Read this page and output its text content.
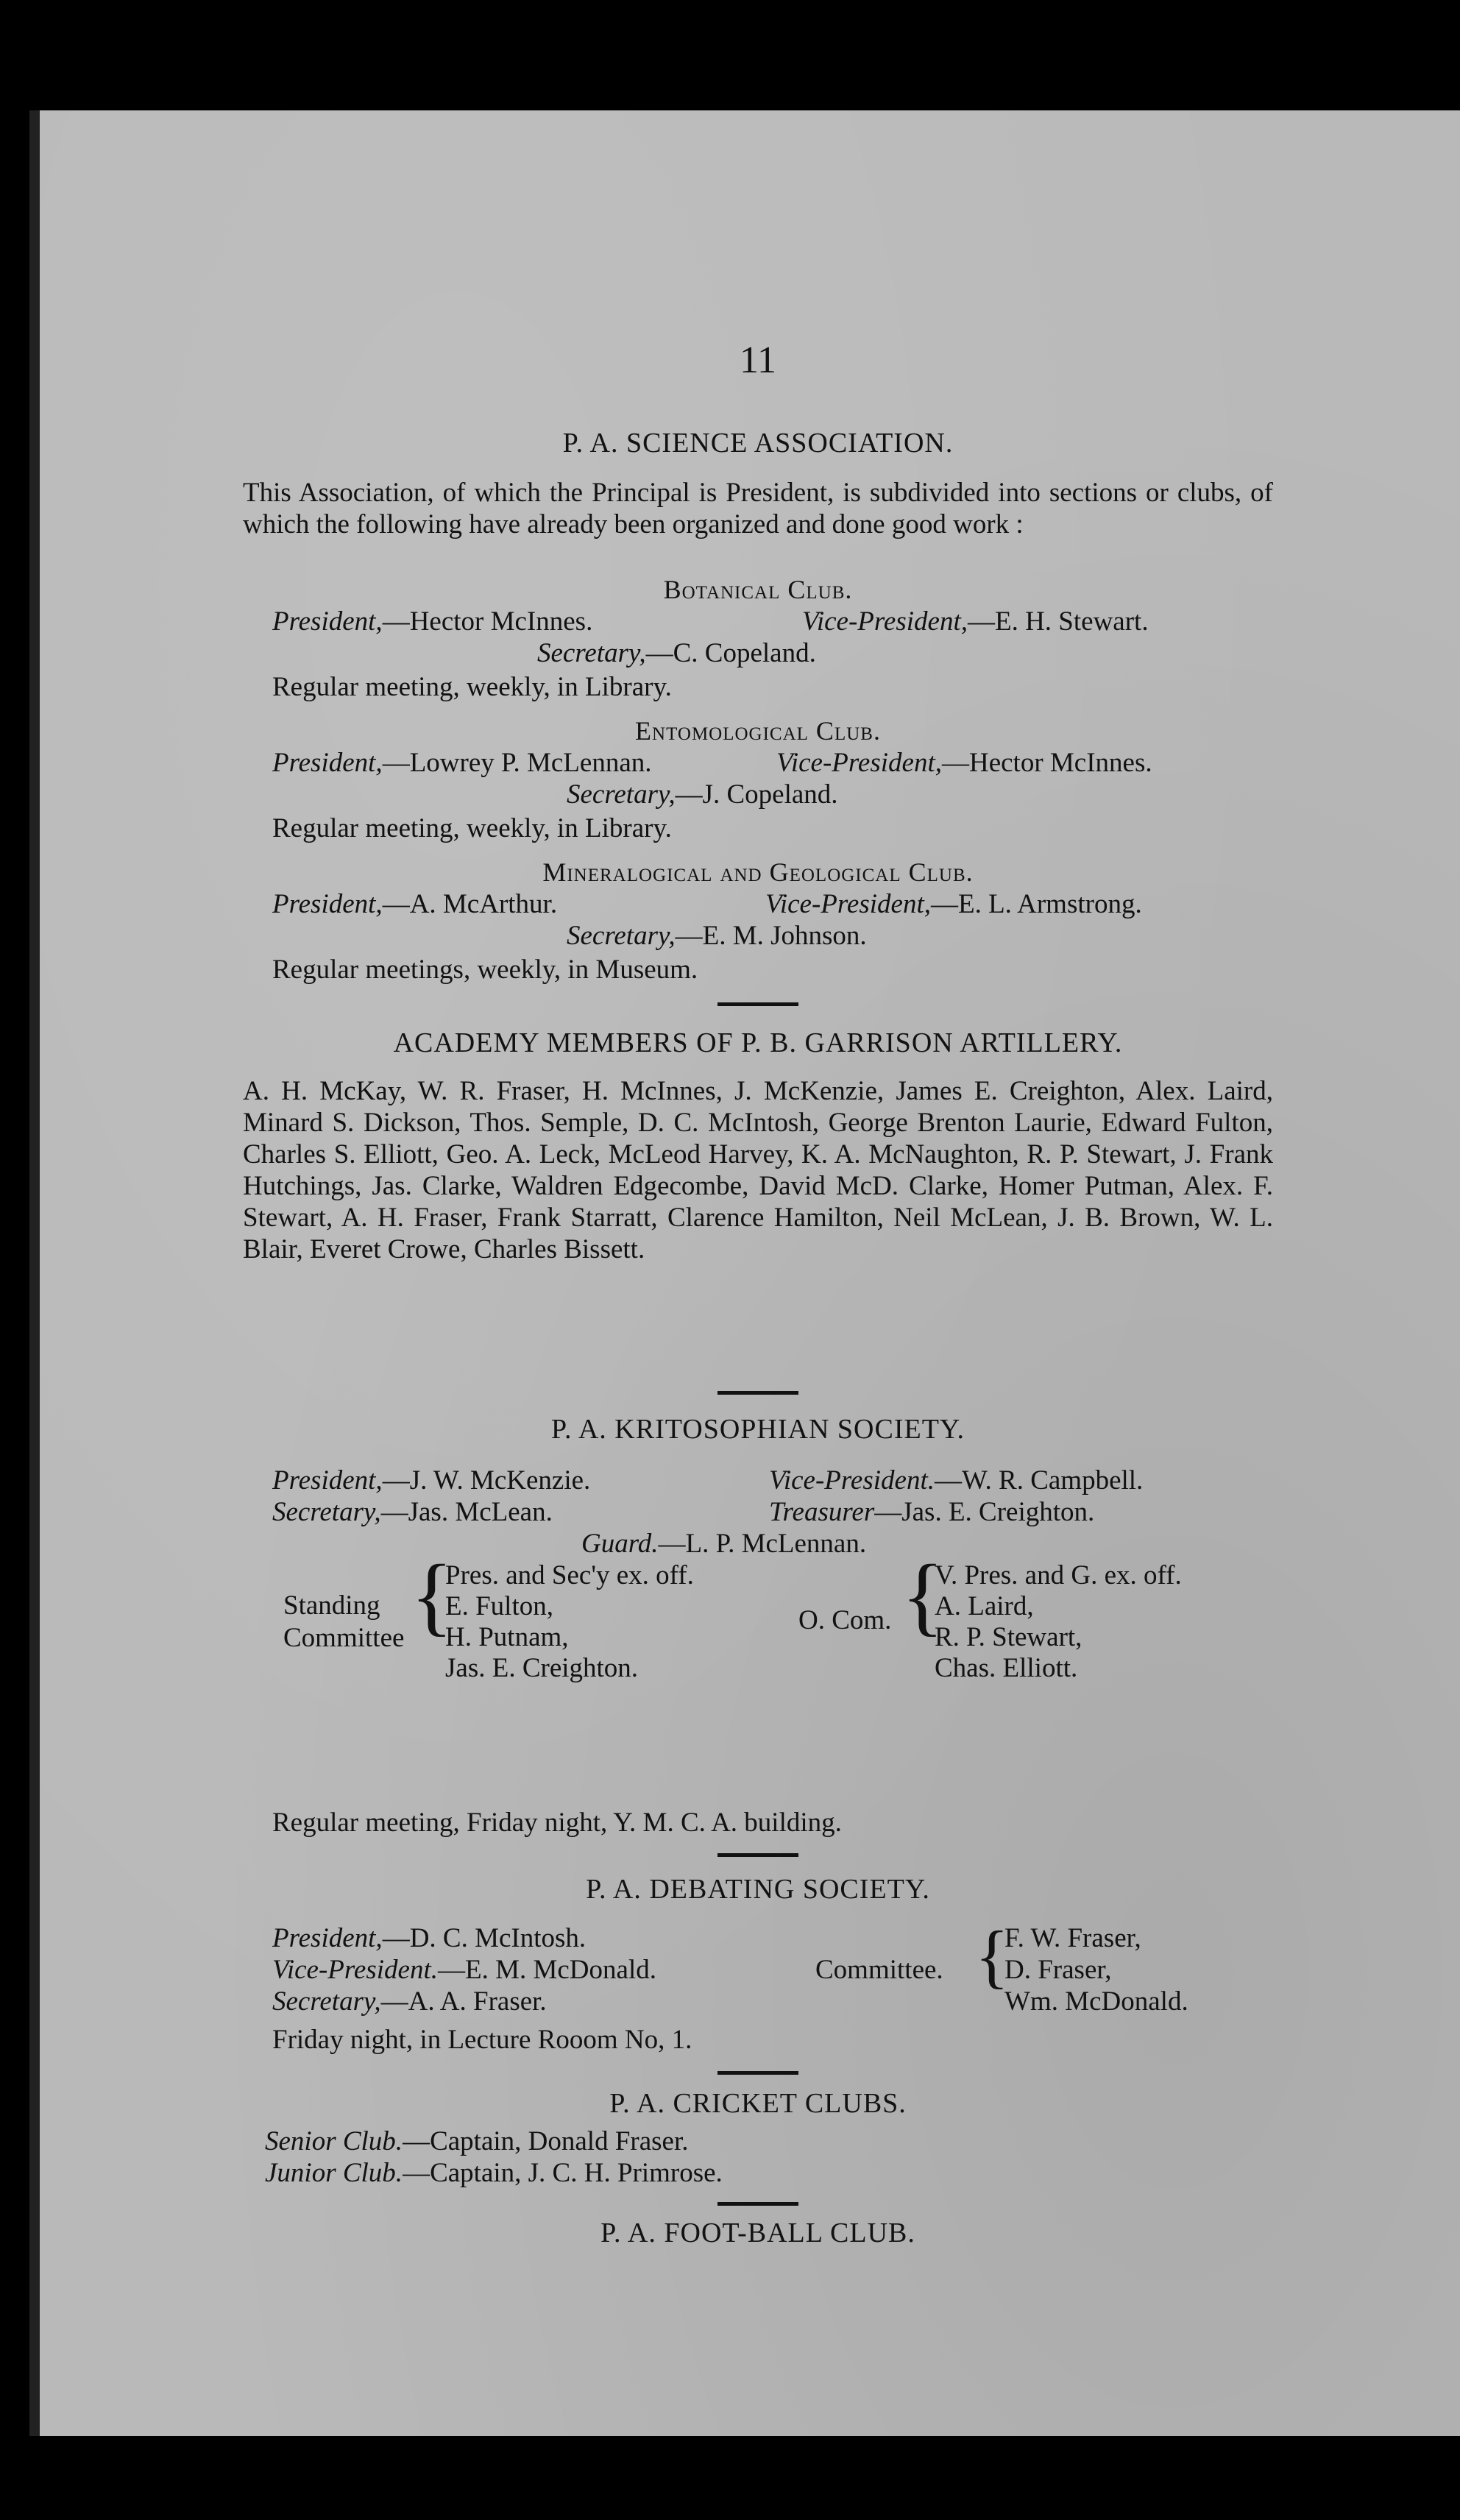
11
P. A. SCIENCE ASSOCIATION.
This Association, of which the Principal is President, is subdivided into sections or clubs, of which the following have already been organized and done good work :
Botanical Club.
President,—Hector McInnes.	Vice-President,—E. H. Stewart.
Secretary,—C. Copeland.
Regular meeting, weekly, in Library.
Entomological Club.
President,—Lowrey P. McLennan.	Vice-President,—Hector McInnes.
Secretary,—J. Copeland.
Regular meeting, weekly, in Library.
Mineralogical and Geological Club.
President,—A. McArthur.	Vice-President,—E. L. Armstrong.
Secretary,—E. M. Johnson.
Regular meetings, weekly, in Museum.
ACADEMY MEMBERS OF P. B. GARRISON ARTILLERY.
A. H. McKay, W. R. Fraser, H. McInnes, J. McKenzie, James E. Creighton, Alex. Laird, Minard S. Dickson, Thos. Semple, D. C. McIntosh, George Brenton Laurie, Edward Fulton, Charles S. Elliott, Geo. A. Leck, McLeod Harvey, K. A. McNaughton, R. P. Stewart, J. Frank Hutchings, Jas. Clarke, Waldren Edgecombe, David McD. Clarke, Homer Putman, Alex. F. Stewart, A. H. Fraser, Frank Starratt, Clarence Hamilton, Neil McLean, J. B. Brown, W. L. Blair, Everet Crowe, Charles Bissett.
P. A. KRITOSOPHIAN SOCIETY.
President,—J. W. McKenzie.	Vice-President.—W. R. Campbell.
Secretary,—Jas. McLean.	Treasurer—Jas. E. Creighton.
Guard.—L. P. McLennan.
Standing
Committee {
Pres. and Sec'y ex. off.
E. Fulton,
H. Putnam,
Jas. E. Creighton.
O. Com. {
V. Pres. and G. ex. off.
A. Laird,
R. P. Stewart,
Chas. Elliott.
Regular meeting, Friday night, Y. M. C. A. building.
P. A. DEBATING SOCIETY.
President,—D. C. McIntosh.
Vice-President.—E. M. McDonald.
Secretary,—A. A. Fraser.
Committee. {
F. W. Fraser,
D. Fraser,
Wm. McDonald.
Friday night, in Lecture Rooom No, 1.
P. A. CRICKET CLUBS.
Senior Club.—Captain, Donald Fraser.
Junior Club.—Captain, J. C. H. Primrose.
P. A. FOOT-BALL CLUB.
